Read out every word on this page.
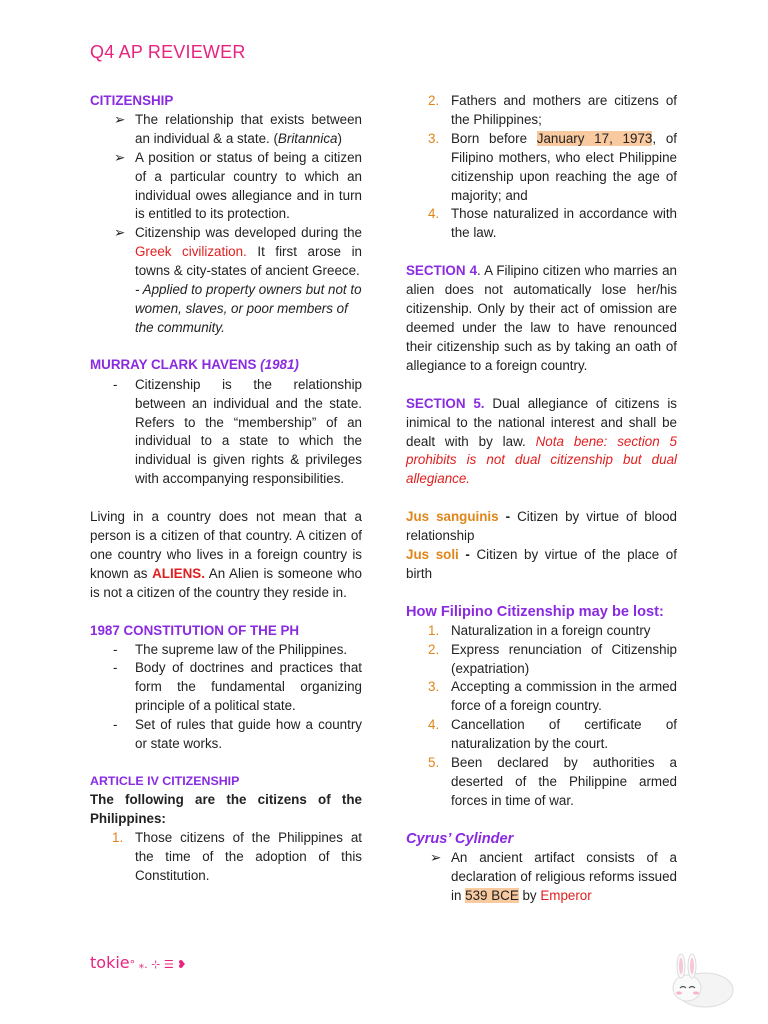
Q4 AP REVIEWER
CITIZENSHIP
➢ The relationship that exists between an individual & a state. (Britannica)
➢ A position or status of being a citizen of a particular country to which an individual owes allegiance and in turn is entitled to its protection.
➢ Citizenship was developed during the Greek civilization. It first arose in towns & city-states of ancient Greece.
- Applied to property owners but not to women, slaves, or poor members of the community.
MURRAY CLARK HAVENS (1981)
- Citizenship is the relationship between an individual and the state. Refers to the “membership” of an individual to a state to which the individual is given rights & privileges with accompanying responsibilities.
Living in a country does not mean that a person is a citizen of that country. A citizen of one country who lives in a foreign country is known as ALIENS. An Alien is someone who is not a citizen of the country they reside in.
1987 CONSTITUTION OF THE PH
- The supreme law of the Philippines.
- Body of doctrines and practices that form the fundamental organizing principle of a political state.
- Set of rules that guide how a country or state works.
ARTICLE IV CITIZENSHIP
The following are the citizens of the Philippines:
1. Those citizens of the Philippines at the time of the adoption of this Constitution.
2. Fathers and mothers are citizens of the Philippines;
3. Born before January 17, 1973, of Filipino mothers, who elect Philippine citizenship upon reaching the age of majority; and
4. Those naturalized in accordance with the law.
SECTION 4. A Filipino citizen who marries an alien does not automatically lose her/his citizenship. Only by their act of omission are deemed under the law to have renounced their citizenship such as by taking an oath of allegiance to a foreign country.
SECTION 5. Dual allegiance of citizens is inimical to the national interest and shall be dealt with by law. Nota bene: section 5 prohibits is not dual citizenship but dual allegiance.
Jus sanguinis - Citizen by virtue of blood relationship
Jus soli - Citizen by virtue of the place of birth
How Filipino Citizenship may be lost:
1. Naturalization in a foreign country
2. Express renunciation of Citizenship (expatriation)
3. Accepting a commission in the armed force of a foreign country.
4. Cancellation of certificate of naturalization by the court.
5. Been declared by authorities a deserted of the Philippine armed forces in time of war.
Cyrus’ Cylinder
➢ An ancient artifact consists of a declaration of religious reforms issued in 539 BCE by Emperor
tokie° ⁎. ⊹ ☰ ❥
